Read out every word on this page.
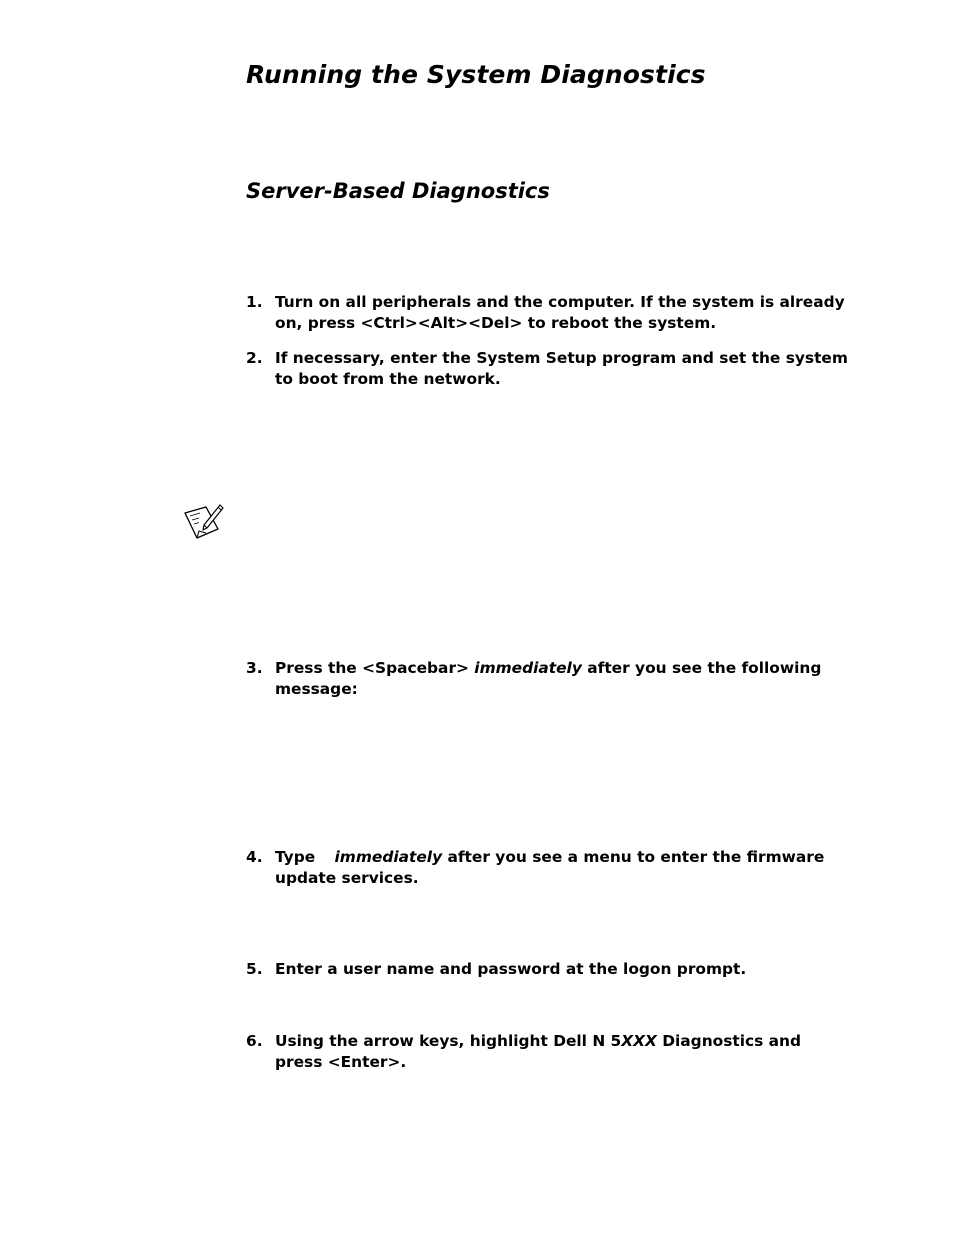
Running the System Diagnostics
Server-Based Diagnostics
1. Turn on all peripherals and the computer. If the system is already
on, press <Ctrl><Alt><Del> to reboot the system.
2. If necessary, enter the System Setup program and set the system
to boot from the network.
3. Press the <Spacebar> immediately after you see the following
message:
4. Type immediately after you see a menu to enter the firmware
update services.
5. Enter a user name and password at the logon prompt.
6. Using the arrow keys, highlight Dell N 5XXX Diagnostics and
press <Enter>.
